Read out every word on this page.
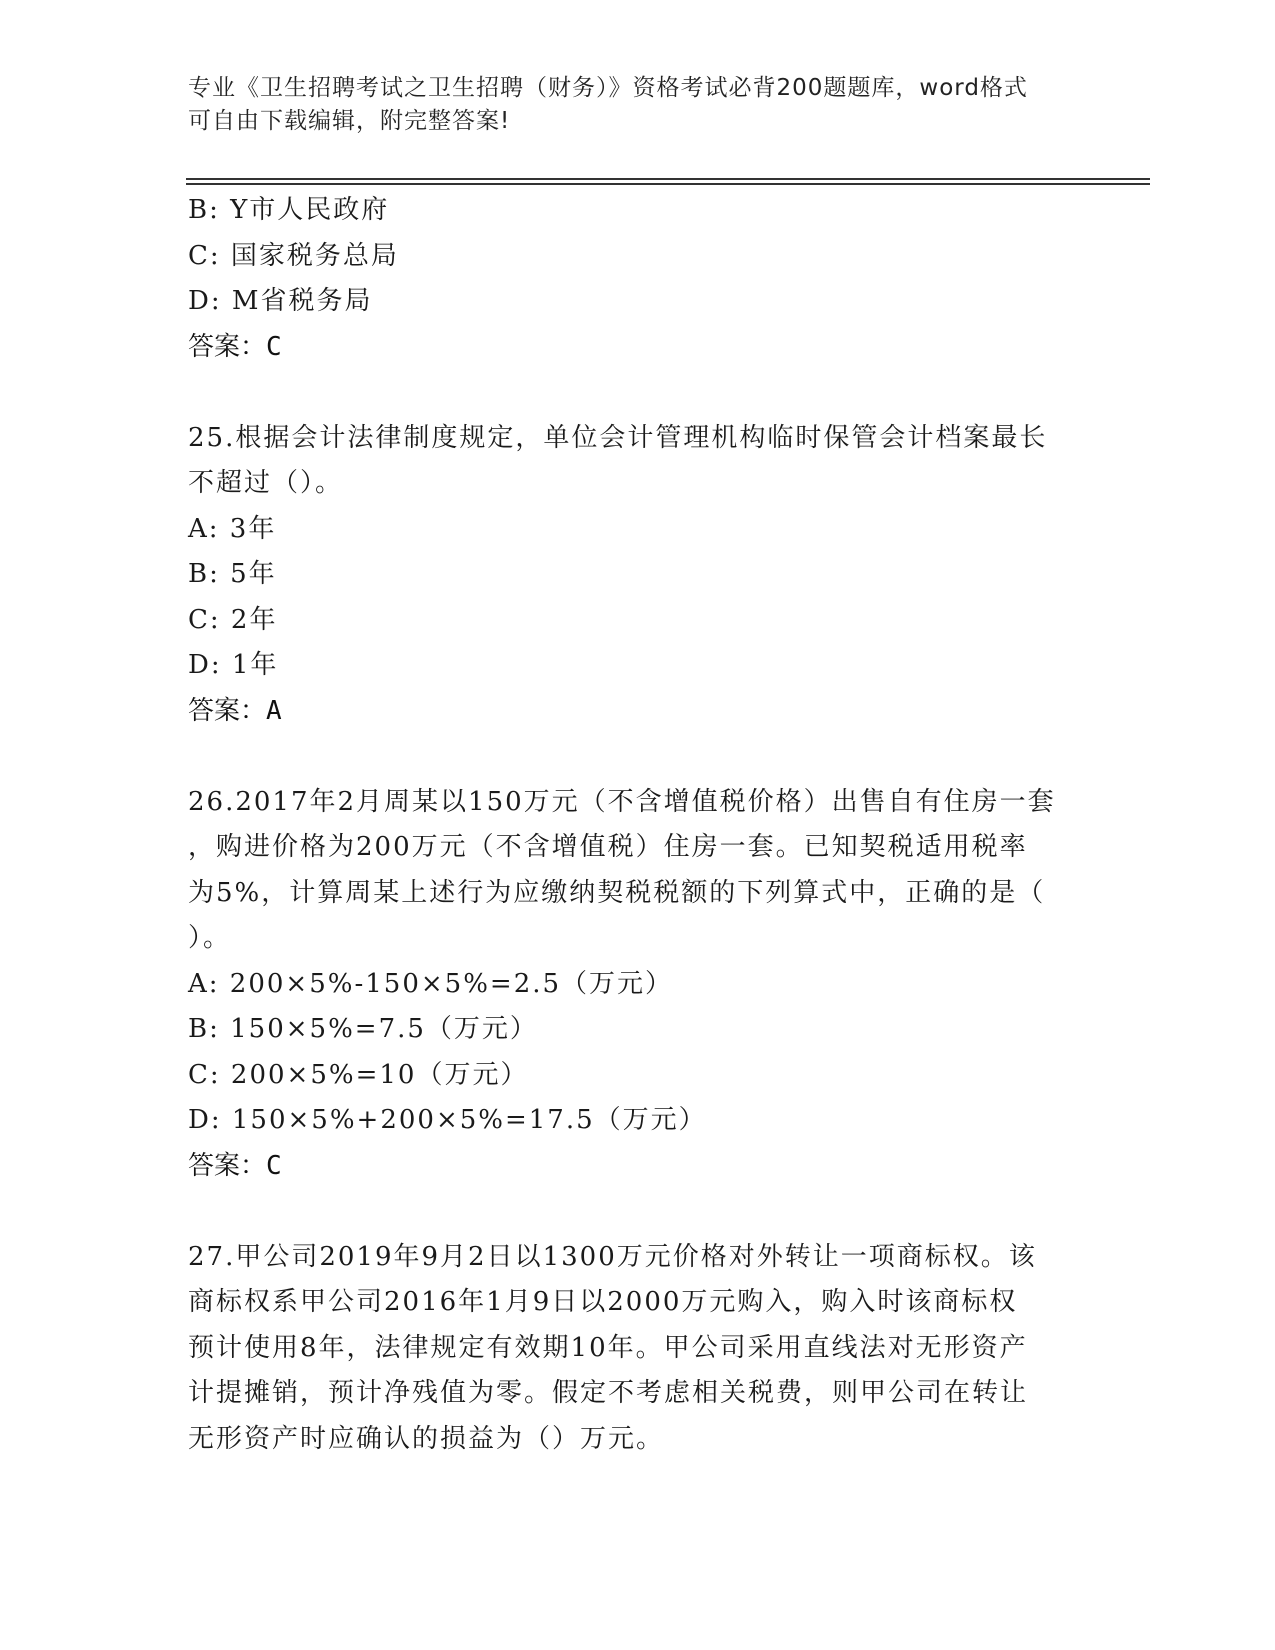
专业《卫生招聘考试之卫生招聘（财务）》资格考试必背200题题库，word格式
可自由下载编辑，附完整答案!
B: Y市人民政府
C: 国家税务总局
D: M省税务局
答案：C
25.根据会计法律制度规定，单位会计管理机构临时保管会计档案最长
不超过（）。
A: 3年
B: 5年
C: 2年
D: 1年
答案：A
26.2017年2月周某以150万元（不含增值税价格）出售自有住房一套
，购进价格为200万元（不含增值税）住房一套。已知契税适用税率
为5%，计算周某上述行为应缴纳契税税额的下列算式中，正确的是（
）。
A: 200×5%-150×5%=2.5（万元）
B: 150×5%=7.5（万元）
C: 200×5%=10（万元）
D: 150×5%+200×5%=17.5（万元）
答案：C
27.甲公司2019年9月2日以1300万元价格对外转让一项商标权。该
商标权系甲公司2016年1月9日以2000万元购入，购入时该商标权
预计使用8年，法律规定有效期10年。甲公司采用直线法对无形资产
计提摊销，预计净残值为零。假定不考虑相关税费，则甲公司在转让
无形资产时应确认的损益为（）万元。
